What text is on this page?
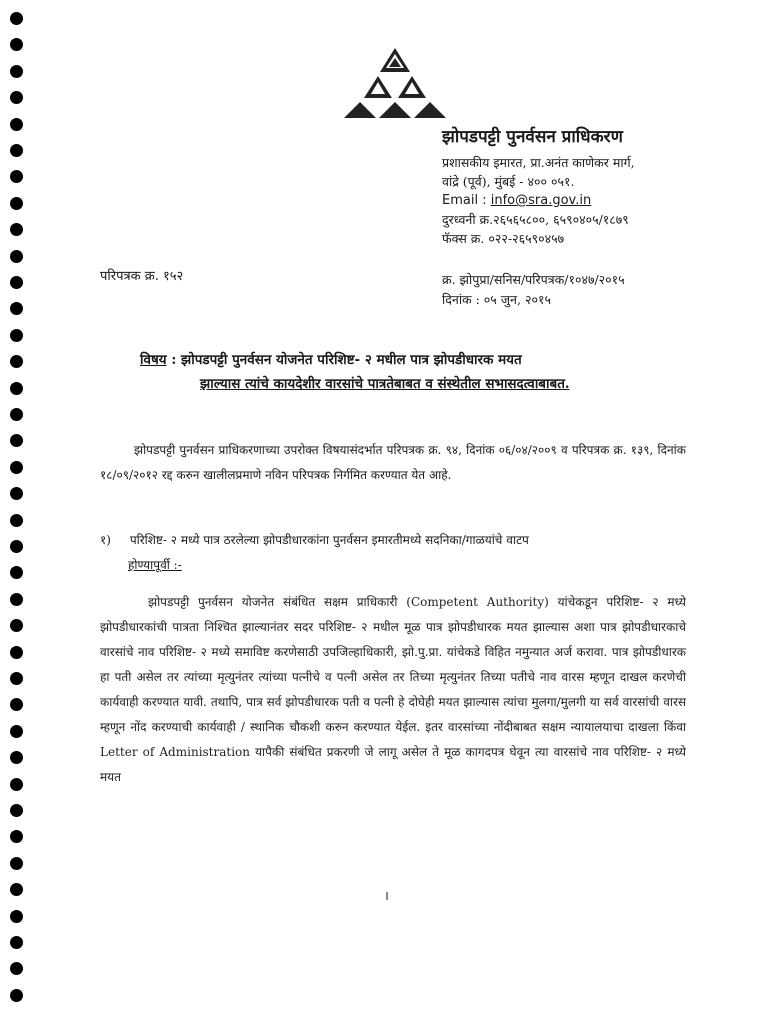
झोपडपट्टी पुनर्वसन प्राधिकरण
प्रशासकीय इमारत, प्रा.अनंत काणेकर मार्ग,
वांद्रे (पूर्व), मुंबई - ४०० ०५१.
Email : info@sra.gov.in
दुरध्वनी क्र.२६५६५८००, ६५९०४०५/१८७९
फॅक्स क्र. ०२२-२६५९०४५७
परिपत्रक क्र. १५२	क्र. झोपुप्रा/सनिस/परिपत्रक/१०४७/२०१५
दिनांक : ०५ जुन, २०१५
विषय : झोपडपट्टी पुनर्वसन योजनेत परिशिष्ट- २ मधील पात्र झोपडीधारक मयत
झाल्यास त्यांचे कायदेशीर वारसांचे पात्रतेबाबत व संस्थेतील सभासदत्वाबाबत.
झोपडपट्टी पुनर्वसन प्राधिकरणाच्या उपरोक्त विषयासंदर्भात परिपत्रक क्र. ९४, दिनांक ०६/०४/२००९ व परिपत्रक क्र. १३९, दिनांक १८/०९/२०१२ रद्द करुन खालीलप्रमाणे नविन परिपत्रक निर्गमित करण्यात येत आहे.
१) परिशिष्ट- २ मध्ये पात्र ठरलेल्या झोपडीधारकांना पुनर्वसन इमारतीमध्ये सदनिका/गाळयांचे वाटप
होण्यापूर्वी :-
झोपडपट्टी पुनर्वसन योजनेत संबंधित सक्षम प्राधिकारी (Competent Authority) यांचेकडून परिशिष्ट- २ मध्ये झोपडीधारकांची पात्रता निश्चित झाल्यानंतर सदर परिशिष्ट- २ मधील मूळ पात्र झोपडीधारक मयत झाल्यास अशा पात्र झोपडीधारकाचे वारसांचे नाव परिशिष्ट- २ मध्ये समाविष्ट करणेसाठी उपजिल्हाधिकारी, झो.पु.प्रा. यांचेकडे विहित नमुन्यात अर्ज करावा. पात्र झोपडीधारक हा पती असेल तर त्यांच्या मृत्युनंतर त्यांच्या पत्नीचे व पत्नी असेल तर तिच्या मृत्युनंतर तिच्या पतीचे नाव वारस म्हणून दाखल करणेची कार्यवाही करण्यात यावी. तथापि, पात्र सर्व झोपडीधारक पती व पत्नी हे दोघेही मयत झाल्यास त्यांचा मुलगा/मुलगी या सर्व वारसांची वारस म्हणून नोंद करण्याची कार्यवाही / स्थानिक चौकशी करुन करण्यात येईल. इतर वारसांच्या नोंदीबाबत सक्षम न्यायालयाचा दाखला किंवा Letter of Administration यापैकी संबंधित प्रकरणी जे लागू असेल ते मूळ कागदपत्र घेवून त्या वारसांचे नाव परिशिष्ट- २ मध्ये मयत
।
